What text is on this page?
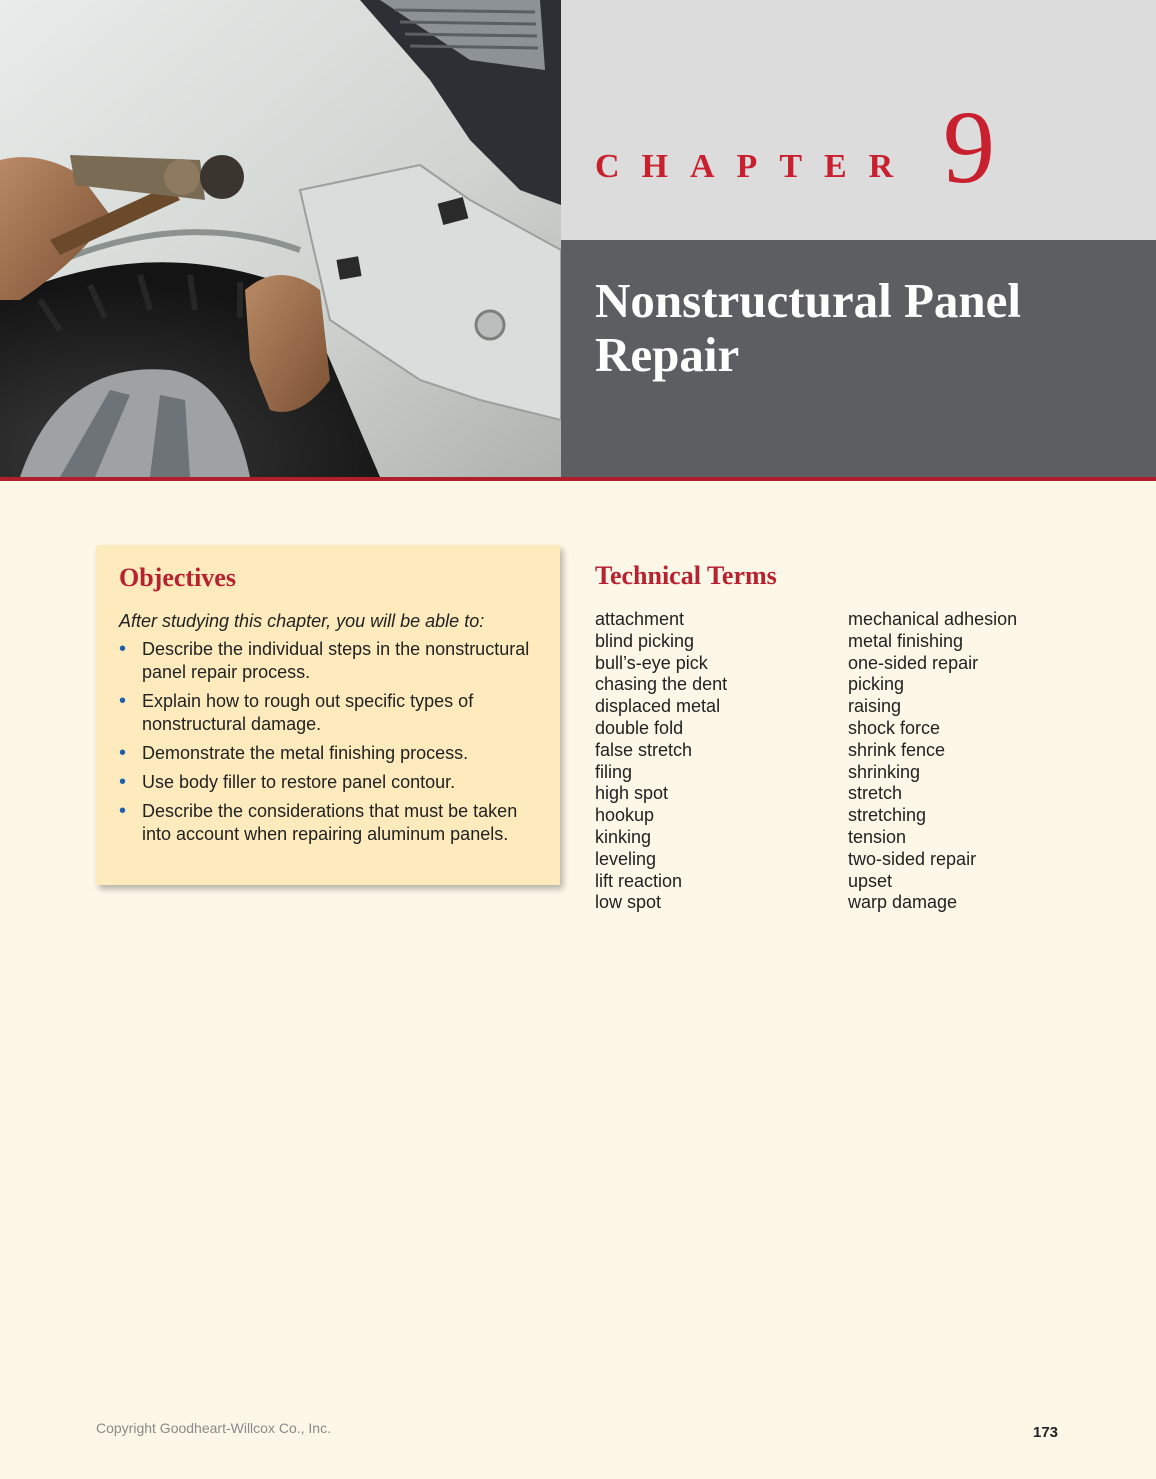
CHAPTER 9
Nonstructural Panel Repair
Objectives

After studying this chapter, you will be able to:

• Describe the individual steps in the nonstructural panel repair process.
• Explain how to rough out specific types of nonstructural damage.
• Demonstrate the metal finishing process.
• Use body filler to restore panel contour.
• Describe the considerations that must be taken into account when repairing aluminum panels.
Technical Terms
attachment
blind picking
bull’s-eye pick
chasing the dent
displaced metal
double fold
false stretch
filing
high spot
hookup
kinking
leveling
lift reaction
low spot
mechanical adhesion
metal finishing
one-sided repair
picking
raising
shock force
shrink fence
shrinking
stretch
stretching
tension
two-sided repair
upset
warp damage
Copyright Goodheart-Willcox Co., Inc.	173
